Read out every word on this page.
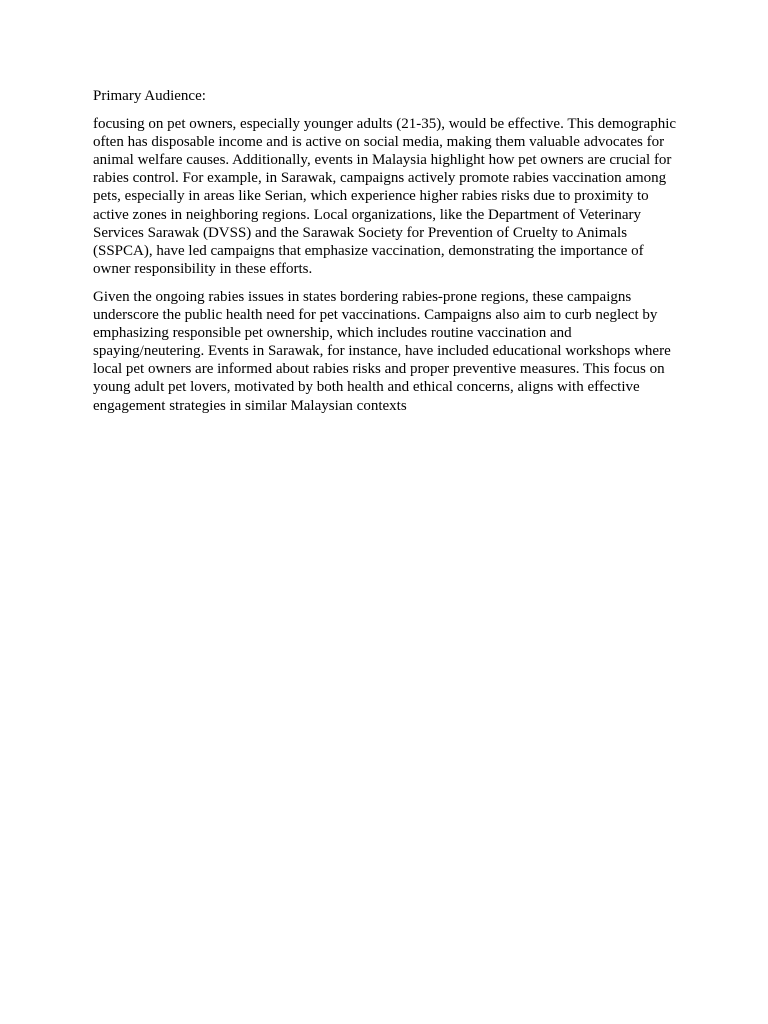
Primary Audience:

focusing on pet owners, especially younger adults (21-35), would be effective. This demographic often has disposable income and is active on social media, making them valuable advocates for animal welfare causes. Additionally, events in Malaysia highlight how pet owners are crucial for rabies control. For example, in Sarawak, campaigns actively promote rabies vaccination among pets, especially in areas like Serian, which experience higher rabies risks due to proximity to active zones in neighboring regions. Local organizations, like the Department of Veterinary Services Sarawak (DVSS) and the Sarawak Society for Prevention of Cruelty to Animals (SSPCA), have led campaigns that emphasize vaccination, demonstrating the importance of owner responsibility in these efforts.

Given the ongoing rabies issues in states bordering rabies-prone regions, these campaigns underscore the public health need for pet vaccinations. Campaigns also aim to curb neglect by emphasizing responsible pet ownership, which includes routine vaccination and spaying/neutering. Events in Sarawak, for instance, have included educational workshops where local pet owners are informed about rabies risks and proper preventive measures. This focus on young adult pet lovers, motivated by both health and ethical concerns, aligns with effective engagement strategies in similar Malaysian contexts
